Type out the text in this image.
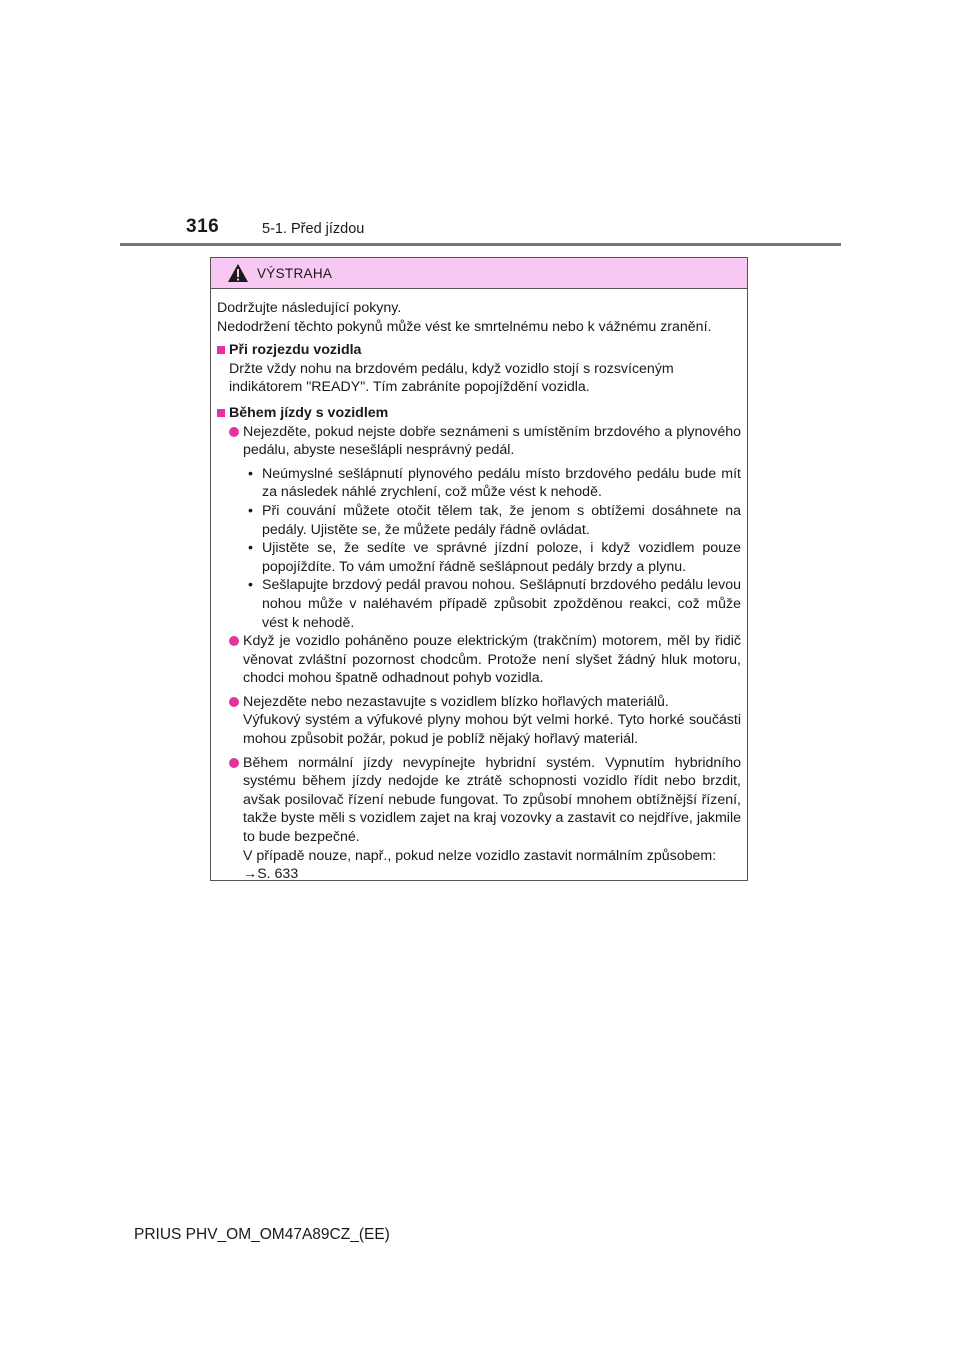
316	5-1. Před jízdou
VÝSTRAHA

Dodržujte následující pokyny.

Nedodržení těchto pokynů může vést ke smrtelnému nebo k vážnému zranění.

Při rozjezdu vozidla

Držte vždy nohu na brzdovém pedálu, když vozidlo stojí s rozsvíceným indikátorem "READY". Tím zabráníte popojíždění vozidla.

Během jízdy s vozidlem
Nejezděte, pokud nejste dobře seznámeni s umístěním brzdového a plynového pedálu, abyste nesešlápli nesprávný pedál.
• Neúmyslné sešlápnutí plynového pedálu místo brzdového pedálu bude mít za následek náhlé zrychlení, což může vést k nehodě.
• Při couvání můžete otočit tělem tak, že jenom s obtížemi dosáhnete na pedály. Ujistěte se, že můžete pedály řádně ovládat.
• Ujistěte se, že sedíte ve správné jízdní poloze, i když vozidlem pouze popojíždíte. To vám umožní řádně sešlápnout pedály brzdy a plynu.
• Sešlapujte brzdový pedál pravou nohou. Sešlápnutí brzdového pedálu levou nohou může v naléhavém případě způsobit zpožděnou reakci, což může vést k nehodě.
Když je vozidlo poháněno pouze elektrickým (trakčním) motorem, měl by řidič věnovat zvláštní pozornost chodcům. Protože není slyšet žádný hluk motoru, chodci mohou špatně odhadnout pohyb vozidla.
Nejezděte nebo nezastavujte s vozidlem blízko hořlavých materiálů.
Výfukový systém a výfukové plyny mohou být velmi horké. Tyto horké součásti mohou způsobit požár, pokud je poblíž nějaký hořlavý materiál.
Během normální jízdy nevypínejte hybridní systém. Vypnutím hybridního systému během jízdy nedojde ke ztrátě schopnosti vozidlo řídit nebo brzdit, avšak posilovač řízení nebude fungovat. To způsobí mnohem obtížnější řízení, takže byste měli s vozidlem zajet na kraj vozovky a zastavit co nejdříve, jakmile to bude bezpečné.
V případě nouze, např., pokud nelze vozidlo zastavit normálním způsobem:
→S. 633
PRIUS PHV_OM_OM47A89CZ_(EE)
